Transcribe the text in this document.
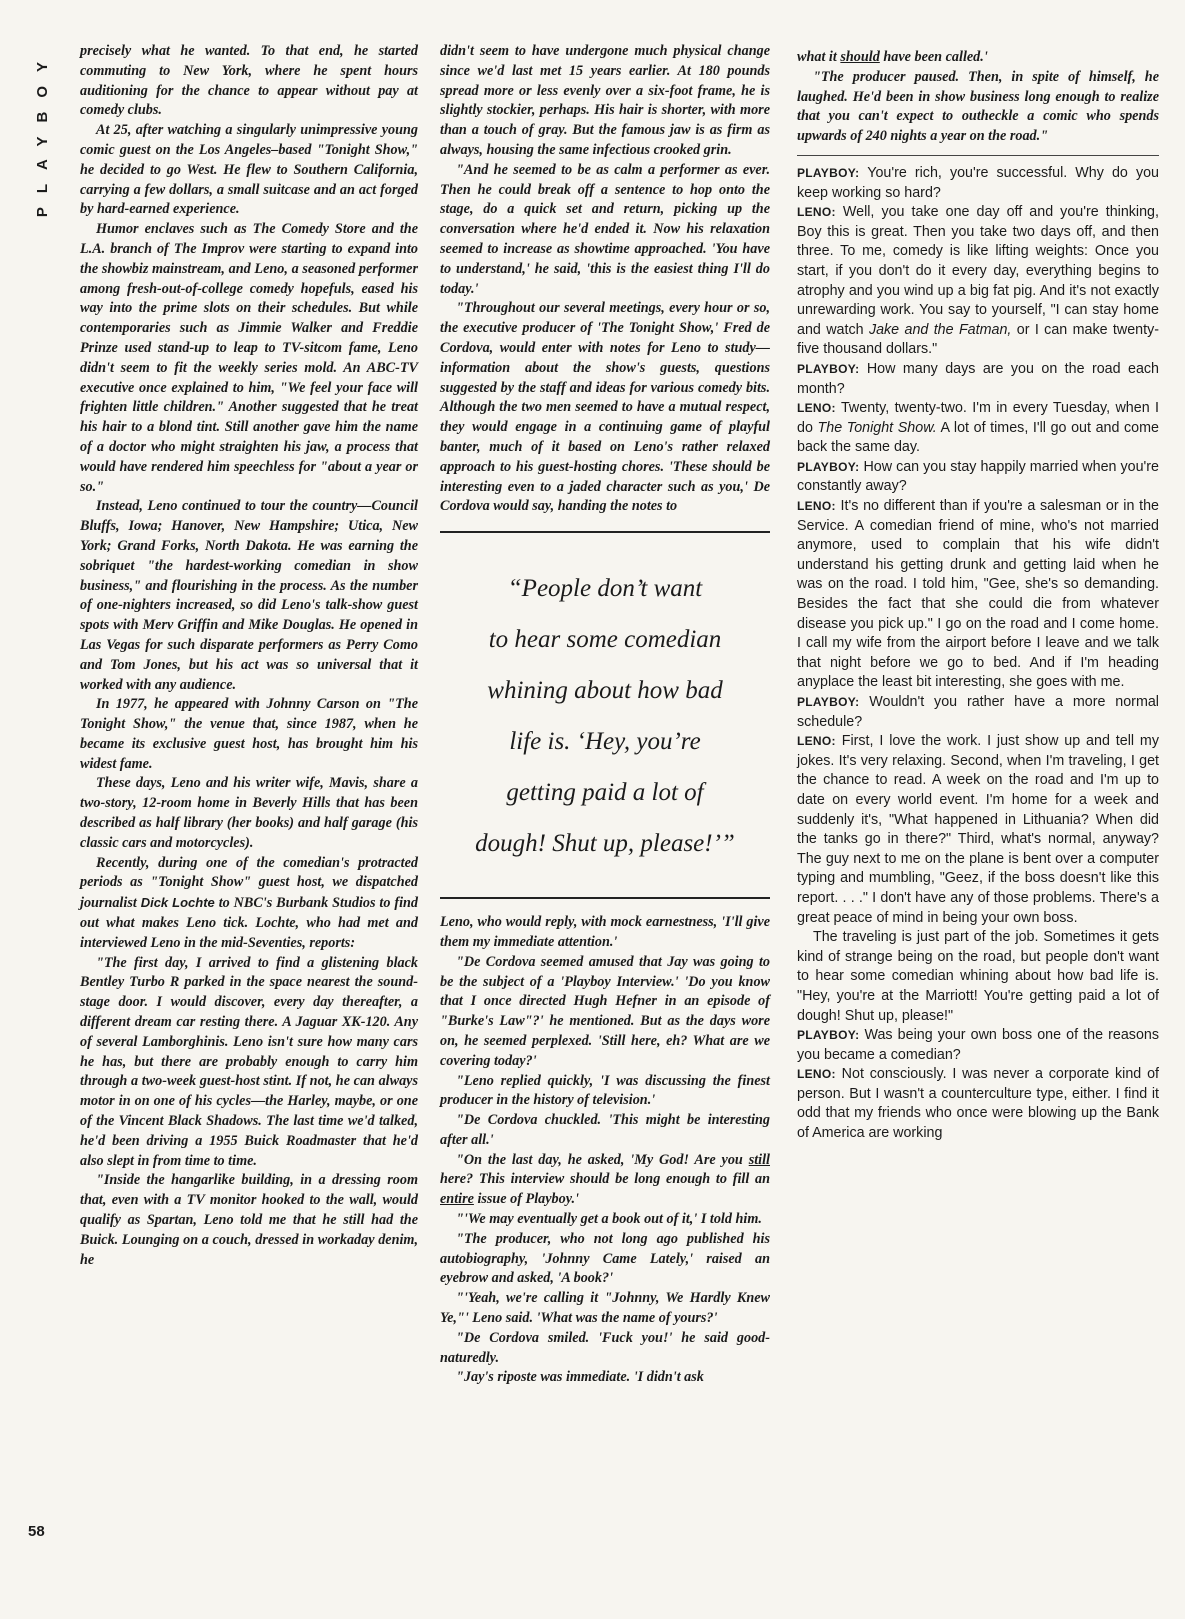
PLAYBOY
58

precisely what he wanted. To that end, he started commuting to New York, where he spent hours auditioning for the chance to appear without pay at comedy clubs.

At 25, after watching a singularly unimpressive young comic guest on the Los Angeles–based "Tonight Show," he decided to go West. He flew to Southern California, carrying a few dollars, a small suitcase and an act forged by hard-earned experience.

Humor enclaves such as The Comedy Store and the L.A. branch of The Improv were starting to expand into the showbiz mainstream, and Leno, a seasoned performer among fresh-out-of-college comedy hopefuls, eased his way into the prime slots on their schedules. But while contemporaries such as Jimmie Walker and Freddie Prinze used stand-up to leap to TV-sitcom fame, Leno didn't seem to fit the weekly series mold. An ABC-TV executive once explained to him, "We feel your face will frighten little children." Another suggested that he treat his hair to a blond tint. Still another gave him the name of a doctor who might straighten his jaw, a process that would have rendered him speechless for "about a year or so."

Instead, Leno continued to tour the country—Council Bluffs, Iowa; Hanover, New Hampshire; Utica, New York; Grand Forks, North Dakota. He was earning the sobriquet "the hardest-working comedian in show business," and flourishing in the process. As the number of one-nighters increased, so did Leno's talk-show guest spots with Merv Griffin and Mike Douglas. He opened in Las Vegas for such disparate performers as Perry Como and Tom Jones, but his act was so universal that it worked with any audience.

In 1977, he appeared with Johnny Carson on "The Tonight Show," the venue that, since 1987, when he became its exclusive guest host, has brought him his widest fame.

These days, Leno and his writer wife, Mavis, share a two-story, 12-room home in Beverly Hills that has been described as half library (her books) and half garage (his classic cars and motorcycles).

Recently, during one of the comedian's protracted periods as "Tonight Show" guest host, we dispatched journalist Dick Lochte to NBC's Burbank Studios to find out what makes Leno tick. Lochte, who had met and interviewed Leno in the mid-Seventies, reports:

"The first day, I arrived to find a glistening black Bentley Turbo R parked in the space nearest the sound-stage door. I would discover, every day thereafter, a different dream car resting there. A Jaguar XK-120. Any of several Lamborghinis. Leno isn't sure how many cars he has, but there are probably enough to carry him through a two-week guest-host stint. If not, he can always motor in on one of his cycles—the Harley, maybe, or one of the Vincent Black Shadows. The last time we'd talked, he'd been driving a 1955 Buick Roadmaster that he'd also slept in from time to time.

"Inside the hangarlike building, in a dressing room that, even with a TV monitor hooked to the wall, would qualify as Spartan, Leno told me that he still had the Buick. Lounging on a couch, dressed in workaday denim, he

didn't seem to have undergone much physical change since we'd last met 15 years earlier. At 180 pounds spread more or less evenly over a six-foot frame, he is slightly stockier, perhaps. His hair is shorter, with more than a touch of gray. But the famous jaw is as firm as always, housing the same infectious crooked grin.

"And he seemed to be as calm a performer as ever. Then he could break off a sentence to hop onto the stage, do a quick set and return, picking up the conversation where he'd ended it. Now his relaxation seemed to increase as showtime approached. 'You have to understand,' he said, 'this is the easiest thing I'll do today.'

"Throughout our several meetings, every hour or so, the executive producer of 'The Tonight Show,' Fred de Cordova, would enter with notes for Leno to study—information about the show's guests, questions suggested by the staff and ideas for various comedy bits. Although the two men seemed to have a mutual respect, they would engage in a continuing game of playful banter, much of it based on Leno's rather relaxed approach to his guest-hosting chores. 'These should be interesting even to a jaded character such as you,' De Cordova would say, handing the notes to

“People don’t want
to hear some comedian
whining about how bad
life is. ‘Hey, you’re
getting paid a lot of
dough! Shut up, please!’”

Leno, who would reply, with mock earnestness, 'I'll give them my immediate attention.'

"De Cordova seemed amused that Jay was going to be the subject of a 'Playboy Interview.' 'Do you know that I once directed Hugh Hefner in an episode of "Burke's Law"?' he mentioned. But as the days wore on, he seemed perplexed. 'Still here, eh? What are we covering today?'

"Leno replied quickly, 'I was discussing the finest producer in the history of television.'

"De Cordova chuckled. 'This might be interesting after all.'

"On the last day, he asked, 'My God! Are you still here? This interview should be long enough to fill an entire issue of Playboy.'

"'We may eventually get a book out of it,' I told him.

"The producer, who not long ago published his autobiography, 'Johnny Came Lately,' raised an eyebrow and asked, 'A book?'

"'Yeah, we're calling it "Johnny, We Hardly Knew Ye,"' Leno said. 'What was the name of yours?'

"De Cordova smiled. 'Fuck you!' he said good-naturedly.

"Jay's riposte was immediate. 'I didn't ask

what it should have been called.'

"The producer paused. Then, in spite of himself, he laughed. He'd been in show business long enough to realize that you can't expect to outheckle a comic who spends upwards of 240 nights a year on the road."

PLAYBOY: You're rich, you're successful. Why do you keep working so hard?

LENO: Well, you take one day off and you're thinking, Boy this is great. Then you take two days off, and then three. To me, comedy is like lifting weights: Once you start, if you don't do it every day, everything begins to atrophy and you wind up a big fat pig. And it's not exactly unrewarding work. You say to yourself, "I can stay home and watch Jake and the Fatman, or I can make twenty-five thousand dollars."

PLAYBOY: How many days are you on the road each month?

LENO: Twenty, twenty-two. I'm in every Tuesday, when I do The Tonight Show. A lot of times, I'll go out and come back the same day.

PLAYBOY: How can you stay happily married when you're constantly away?

LENO: It's no different than if you're a salesman or in the Service. A comedian friend of mine, who's not married anymore, used to complain that his wife didn't understand his getting drunk and getting laid when he was on the road. I told him, "Gee, she's so demanding. Besides the fact that she could die from whatever disease you pick up." I go on the road and I come home. I call my wife from the airport before I leave and we talk that night before we go to bed. And if I'm heading anyplace the least bit interesting, she goes with me.

PLAYBOY: Wouldn't you rather have a more normal schedule?

LENO: First, I love the work. I just show up and tell my jokes. It's very relaxing. Second, when I'm traveling, I get the chance to read. A week on the road and I'm up to date on every world event. I'm home for a week and suddenly it's, "What happened in Lithuania? When did the tanks go in there?" Third, what's normal, anyway? The guy next to me on the plane is bent over a computer typing and mumbling, "Geez, if the boss doesn't like this report. . . ." I don't have any of those problems. There's a great peace of mind in being your own boss.

The traveling is just part of the job. Sometimes it gets kind of strange being on the road, but people don't want to hear some comedian whining about how bad life is. "Hey, you're at the Marriott! You're getting paid a lot of dough! Shut up, please!"

PLAYBOY: Was being your own boss one of the reasons you became a comedian?

LENO: Not consciously. I was never a corporate kind of person. But I wasn't a counterculture type, either. I find it odd that my friends who once were blowing up the Bank of America are working
